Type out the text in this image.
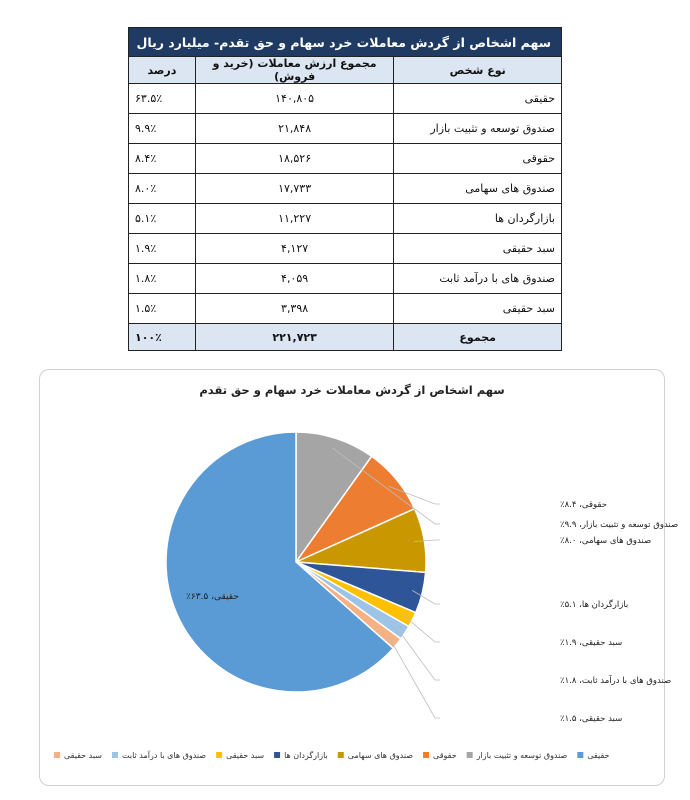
سهم اشخاص از گردش معاملات خرد سهام و حق تقدم- میلیارد ریال		
نوع شخص	مجموع ارزش معاملات (خرید و فروش)	درصد
حقیقی	۱۴۰,۸۰۵	۶۳.۵٪
صندوق توسعه و تثبیت بازار	۲۱,۸۴۸	۹.۹٪
حقوقی	۱۸,۵۲۶	۸.۴٪
صندوق های سهامی	۱۷,۷۳۳	۸.۰٪
بازارگردان ها	۱۱,۲۲۷	۵.۱٪
سبد حقیقی	۴,۱۲۷	۱.۹٪
صندوق های با درآمد ثابت	۴,۰۵۹	۱.۸٪
سبد حقیقی	۳,۳۹۸	۱.۵٪
مجموع	۲۲۱,۷۲۳	۱۰۰٪
سهم اشخاص از گردش معاملات خرد سهام و حق تقدم
حقیقی، ۶۳.۵٪
صندوق توسعه و تثبیت بازار، ۹.۹٪
حقوقی، ۸.۴٪
صندوق های سهامی، ۸.۰٪
بازارگردان ها، ۵.۱٪
سبد حقیقی، ۱.۹٪
صندوق های با درآمد ثابت، ۱.۸٪
سبد حقیقی، ۱.۵٪
سبد حقیقی	صندوق های با درآمد ثابت	سبد حقیقی	بازارگردان ها	صندوق های سهامی	حقوقی	صندوق توسعه و تثبیت بازار	حقیقی
